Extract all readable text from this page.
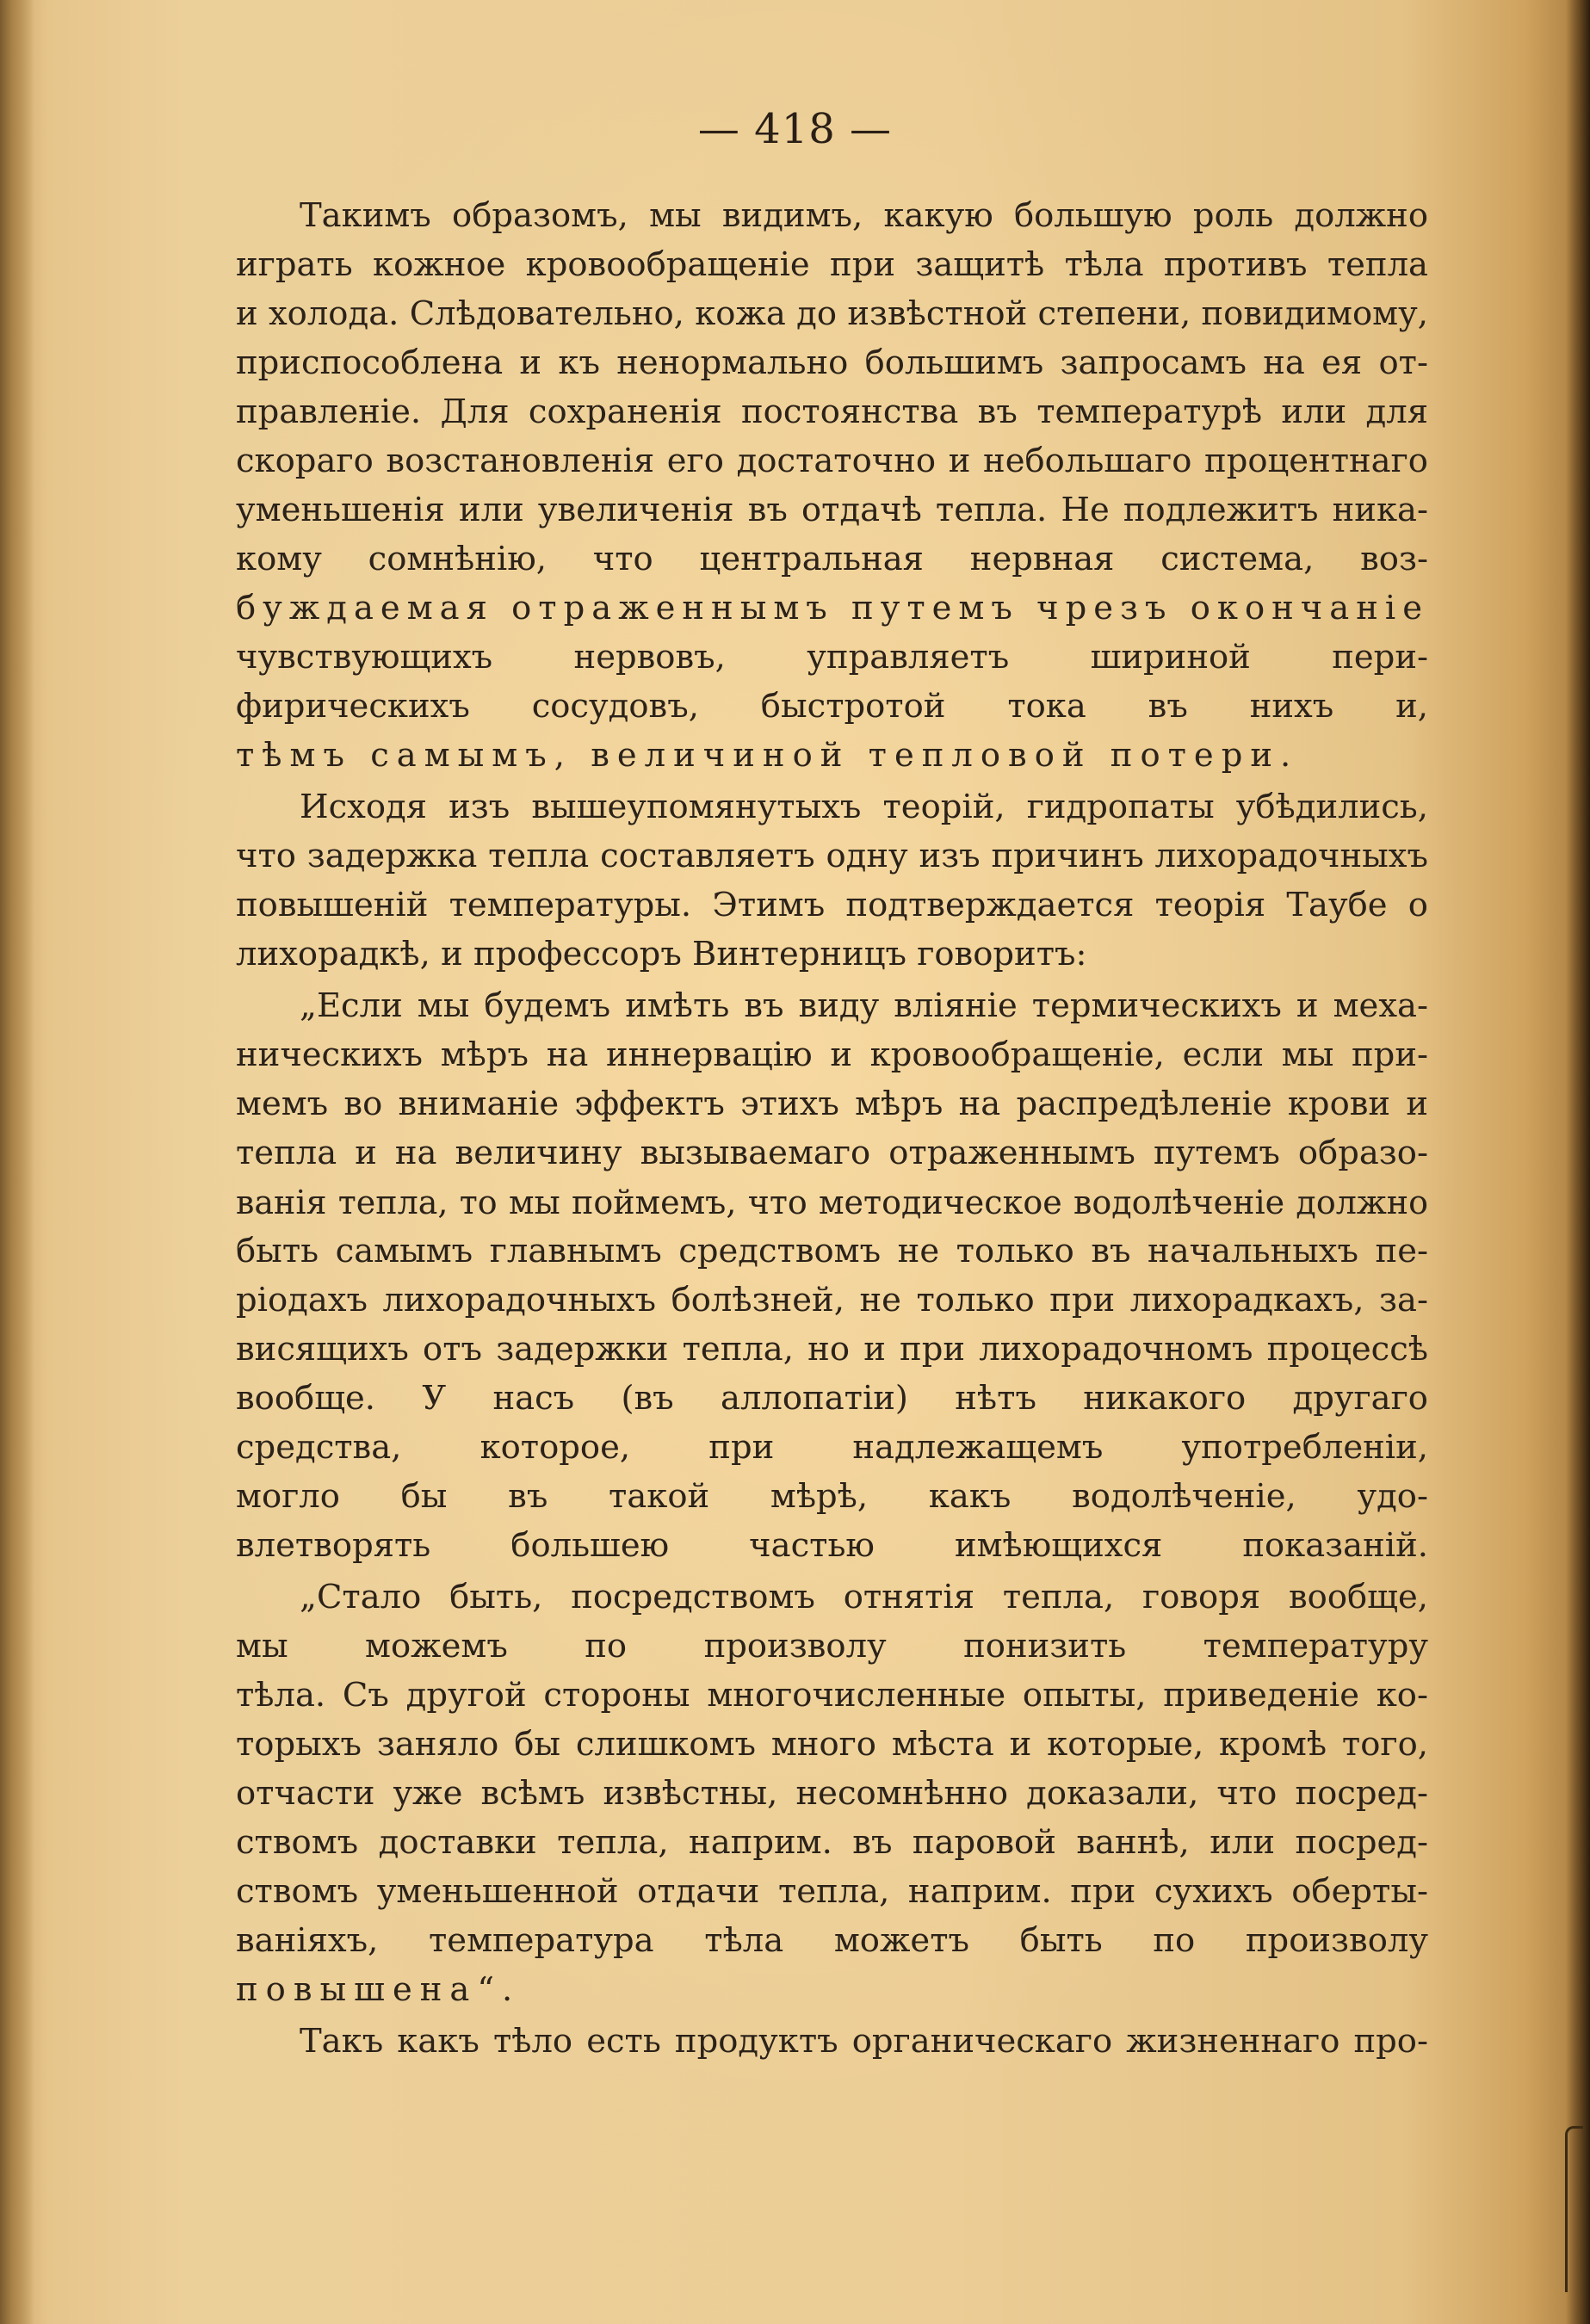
— 418 —
Такимъ образомъ, мы видимъ, какую большую роль должно
играть кожное кровообращеніе при защитѣ тѣла противъ тепла
и холода. Слѣдовательно, кожа до извѣстной степени, повидимому,
приспособлена и къ ненормально большимъ запросамъ на ея от-
правленіе. Для сохраненія постоянства въ температурѣ или для
скораго возстановленія его достаточно и небольшаго процентнаго
уменьшенія или увеличенія въ отдачѣ тепла. Не подлежитъ ника-
кому сомнѣнію, что центральная нервная система, воз-
буждаемая отраженнымъ путемъ чрезъ окончаніе
чувствующихъ нервовъ, управляетъ шириной пери-
фирическихъ сосудовъ, быстротой тока въ нихъ и,
тѣмъ самымъ, величиной тепловой потери.
Исходя изъ вышеупомянутыхъ теорій, гидропаты убѣдились,
что задержка тепла составляетъ одну изъ причинъ лихорадочныхъ
повышеній температуры. Этимъ подтверждается теорія Таубе о
лихорадкѣ, и профессоръ Винтерницъ говоритъ:
„Если мы будемъ имѣть въ виду вліяніе термическихъ и меха-
ническихъ мѣръ на иннервацію и кровообращеніе, если мы при-
мемъ во вниманіе эффектъ этихъ мѣръ на распредѣленіе крови и
тепла и на величину вызываемаго отраженнымъ путемъ образо-
ванія тепла, то мы поймемъ, что методическое водолѣченіе должно
быть самымъ главнымъ средствомъ не только въ начальныхъ пе-
ріодахъ лихорадочныхъ болѣзней, не только при лихорадкахъ, за-
висящихъ отъ задержки тепла, но и при лихорадочномъ процессѣ
вообще. У насъ (въ аллопатіи) нѣтъ никакого другаго
средства, которое, при надлежащемъ употребленіи,
могло бы въ такой мѣрѣ, какъ водолѣченіе, удо-
влетворять большею частью имѣющихся показаній.
„Стало быть, посредствомъ отнятія тепла, говоря вообще,
мы можемъ по произволу понизить температуру
тѣла. Съ другой стороны многочисленные опыты, приведеніе ко-
торыхъ заняло бы слишкомъ много мѣста и которые, кромѣ того,
отчасти уже всѣмъ извѣстны, несомнѣнно доказали, что посред-
ствомъ доставки тепла, наприм. въ паровой ваннѣ, или посред-
ствомъ уменьшенной отдачи тепла, наприм. при сухихъ оберты-
ваніяхъ, температура тѣла можетъ быть по произволу
повышена“.
Такъ какъ тѣло есть продуктъ органическаго жизненнаго про-
